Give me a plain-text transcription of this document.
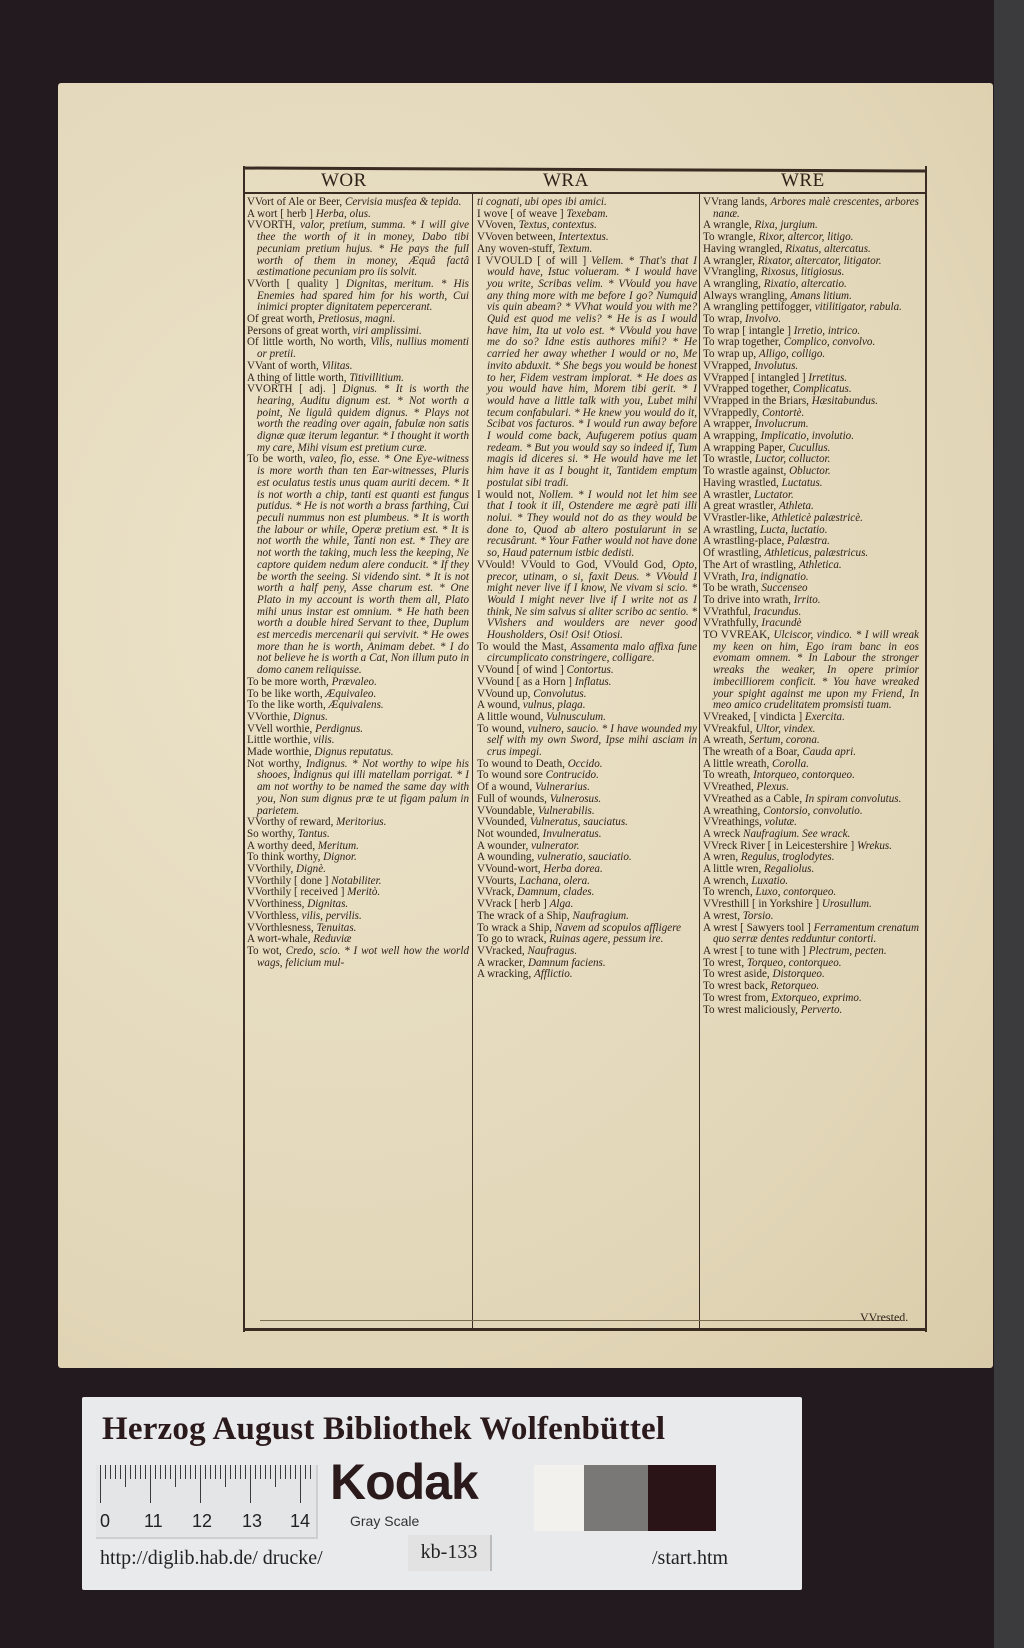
WOR	WRA	WRE

VVort of Ale or Beer, Cervisia musfea & tepida.

A wort [ herb ] Herba, olus.

VVORTH, valor, pretium, summa. * I will give thee the worth of it in money, Dabo tibi pecuniam pretium hujus. * He pays the full worth of them in money, Æquâ factâ æstimatione pecuniam pro iis solvit.

VVorth [ quality ] Dignitas, meritum. * His Enemies had spared him for his worth, Cui inimici propter dignitatem pepercerant.

Of great worth, Pretiosus, magni.

Persons of great worth, viri amplissimi.

Of little worth, No worth, Vilis, nullius momenti or pretii.

VVant of worth, Vilitas.

A thing of little worth, Titivillitium.

VVORTH [ adj. ] Dignus. * It is worth the hearing, Auditu dignum est. * Not worth a point, Ne ligulâ quidem dignus. * Plays not worth the reading over again, fabulæ non satis dignæ quæ iterum legantur. * I thought it worth my care, Mihi visum est pretium curæ.

To be worth, valeo, fio, esse. * One Eye-witness is more worth than ten Ear-witnesses, Pluris est oculatus testis unus quam auriti decem. * It is not worth a chip, tanti est quanti est fungus putidus. * He is not worth a brass farthing, Cui peculi nummus non est plumbeus. * It is worth the labour or while, Operæ pretium est. * It is not worth the while, Tanti non est. * They are not worth the taking, much less the keeping, Ne captore quidem nedum alere conducit. * If they be worth the seeing. Si videndo sint. * It is not worth a half peny, Asse charum est. * One Plato in my account is worth them all, Plato mihi unus instar est omnium. * He hath been worth a double hired Servant to thee, Duplum est mercedis mercenarii qui servivit. * He owes more than he is worth, Animam debet. * I do not believe he is worth a Cat, Non illum puto in domo canem reliquisse.

To be more worth, Prævaleo.

To be like worth, Æquivaleo.

To the like worth, Æquivalens.

VVorthie, Dignus.

VVell worthie, Perdignus.

Little worthie, vilis.

Made worthie, Dignus reputatus.

Not worthy, Indignus. * Not worthy to wipe his shooes, Indignus qui illi matellam porrigat. * I am not worthy to be named the same day with you, Non sum dignus præ te ut figam palum in parietem.

VVorthy of reward, Meritorius.

So worthy, Tantus.

A worthy deed, Meritum.

To think worthy, Dignor.

VVorthily, Dignè.

VVorthily [ done ] Notabiliter.

VVorthily [ received ] Meritò.

VVorthiness, Dignitas.

VVorthless, vilis, pervilis.

VVorthlesness, Tenuitas.

A wort-whale, Reduviæ

To wot, Credo, scio. * I wot well how the world wags, felicium mul-

ti cognati, ubi opes ibi amici.

I wove [ of weave ] Texebam.

VVoven, Textus, contextus.

VVoven between, Intertextus.

Any woven-stuff, Textum.

I VVOULD [ of will ] Vellem. * That's that I would have, Istuc volueram. * I would have you write, Scribas velim. * VVould you have any thing more with me before I go? Numquid vis quin abeam? * VVhat would you with me? Quid est quod me velis? * He is as I would have him, Ita ut volo est. * VVould you have me do so? Idne estis authores mihi? * He carried her away whether I would or no, Me invito abduxit. * She begs you would be honest to her, Fidem vestram implorat. * He does as you would have him, Morem tibi gerit. * I would have a little talk with you, Lubet mihi tecum confabulari. * He knew you would do it, Scibat vos facturos. * I would run away before I would come back, Aufugerem potius quam redeam. * But you would say so indeed if, Tum magis id diceres si. * He would have me let him have it as I bought it, Tantidem emptum postulat sibi tradi.

I would not, Nollem. * I would not let him see that I took it ill, Ostendere me ægrè pati illi nolui. * They would not do as they would be done to, Quod ab altero postularunt in se recusârunt. * Your Father would not have done so, Haud paternum istbic dedisti.

VVould! VVould to God, VVould God, Opto, precor, utinam, o si, faxit Deus. * VVould I might never live if I know, Ne vivam si scio. * Would I might never live if I write not as I think, Ne sim salvus si aliter scribo ac sentio. * VVishers and woulders are never good Housholders, Osi! Osi! Otiosi.

To would the Mast, Assamenta malo affixa fune circumplicato constringere, colligare.

VVound [ of wind ] Contortus.

VVound [ as a Horn ] Inflatus.

VVound up, Convolutus.

A wound, vulnus, plaga.

A little wound, Vulnusculum.

To wound, vulnero, saucio. * I have wounded my self with my own Sword, Ipse mihi asciam in crus impegi.

To wound to Death, Occido.

To wound sore Contrucido.

Of a wound, Vulnerarius.

Full of wounds, Vulnerosus.

VVoundable, Vulnerabilis.

VVounded, Vulneratus, sauciatus.

Not wounded, Invulneratus.

A wounder, vulnerator.

A wounding, vulneratio, sauciatio.

VVound-wort, Herba dorea.

VVourts, Lachana, olera.

VVrack, Damnum, clades.

VVrack [ herb ] Alga.

The wrack of a Ship, Naufragium.

To wrack a Ship, Navem ad scopulos affligere

To go to wrack, Ruinas agere, pessum ire.

VVracked, Naufragus.

A wracker, Damnum faciens.

A wracking, Afflictio.

VVrang lands, Arbores malè crescentes, arbores nanæ.

A wrangle, Rixa, jurgium.

To wrangle, Rixor, altercor, litigo.

Having wrangled, Rixatus, altercatus.

A wrangler, Rixator, altercator, litigator.

VVrangling, Rixosus, litigiosus.

A wrangling, Rixatio, altercatio.

Always wrangling, Amans litium.

A wrangling pettifogger, vitilitigator, rabula.

To wrap, Involvo.

To wrap [ intangle ] Irretio, intrico.

To wrap together, Complico, convolvo.

To wrap up, Alligo, colligo.

VVrapped, Involutus.

VVrapped [ intangled ] Irretitus.

VVrapped together, Complicatus.

VVrapped in the Briars, Hæsitabundus.

VVrappedly, Contortè.

A wrapper, Involucrum.

A wrapping, Implicatio, involutio.

A wrapping Paper, Cucullus.

To wrastle, Luctor, colluctor.

To wrastle against, Obluctor.

Having wrastled, Luctatus.

A wrastler, Luctator.

A great wrastler, Athleta.

VVrastler-like, Athleticè palæstricè.

A wrastling, Lucta, luctatio.

A wrastling-place, Palæstra.

Of wrastling, Athleticus, palæstricus.

The Art of wrastling, Athletica.

VVrath, Ira, indignatio.

To be wrath, Succenseo

To drive into wrath, Irrito.

VVrathful, Iracundus.

VVrathfully, Iracundè

TO VVREAK, Ulciscor, vindico. * I will wreak my keen on him, Ego iram banc in eos evomam omnem. * In Labour the stronger wreaks the weaker, In opere primior imbecilliorem conficit. * You have wreaked your spight against me upon my Friend, In meo amico crudelitatem promsisti tuam.

VVreaked, [ vindicta ] Exercita.

VVreakful, Ultor, vindex.

A wreath, Sertum, corona.

The wreath of a Boar, Cauda apri.

A little wreath, Corolla.

To wreath, Intorqueo, contorqueo.

VVreathed, Plexus.

VVreathed as a Cable, In spiram convolutus.

A wreathing, Contorsio, convolutio.

VVreathings, volutæ.

A wreck Naufragium. See wrack.

VVreck River [ in Leicestershire ] Wrekus.

A wren, Regulus, troglodytes.

A little wren, Regaliolus.

A wrench, Luxatio.

To wrench, Luxo, contorqueo.

VVresthill [ in Yorkshire ] Urosullum.

A wrest, Torsio.

A wrest [ Sawyers tool ] Ferramentum crenatum quo serræ dentes redduntur contorti.

A wrest [ to tune with ] Plectrum, pecten.

To wrest, Torqueo, contorqueo.

To wrest aside, Distorqueo.

To wrest back, Retorqueo.

To wrest from, Extorqueo, exprimo.

To wrest maliciously, Perverto.

VVrested.
Herzog August Bibliothek Wolfenbüttel
0 11 12 13 14
Kodak
Gray Scale
http://diglib.hab.de/ drucke/	kb-133	/start.htm
